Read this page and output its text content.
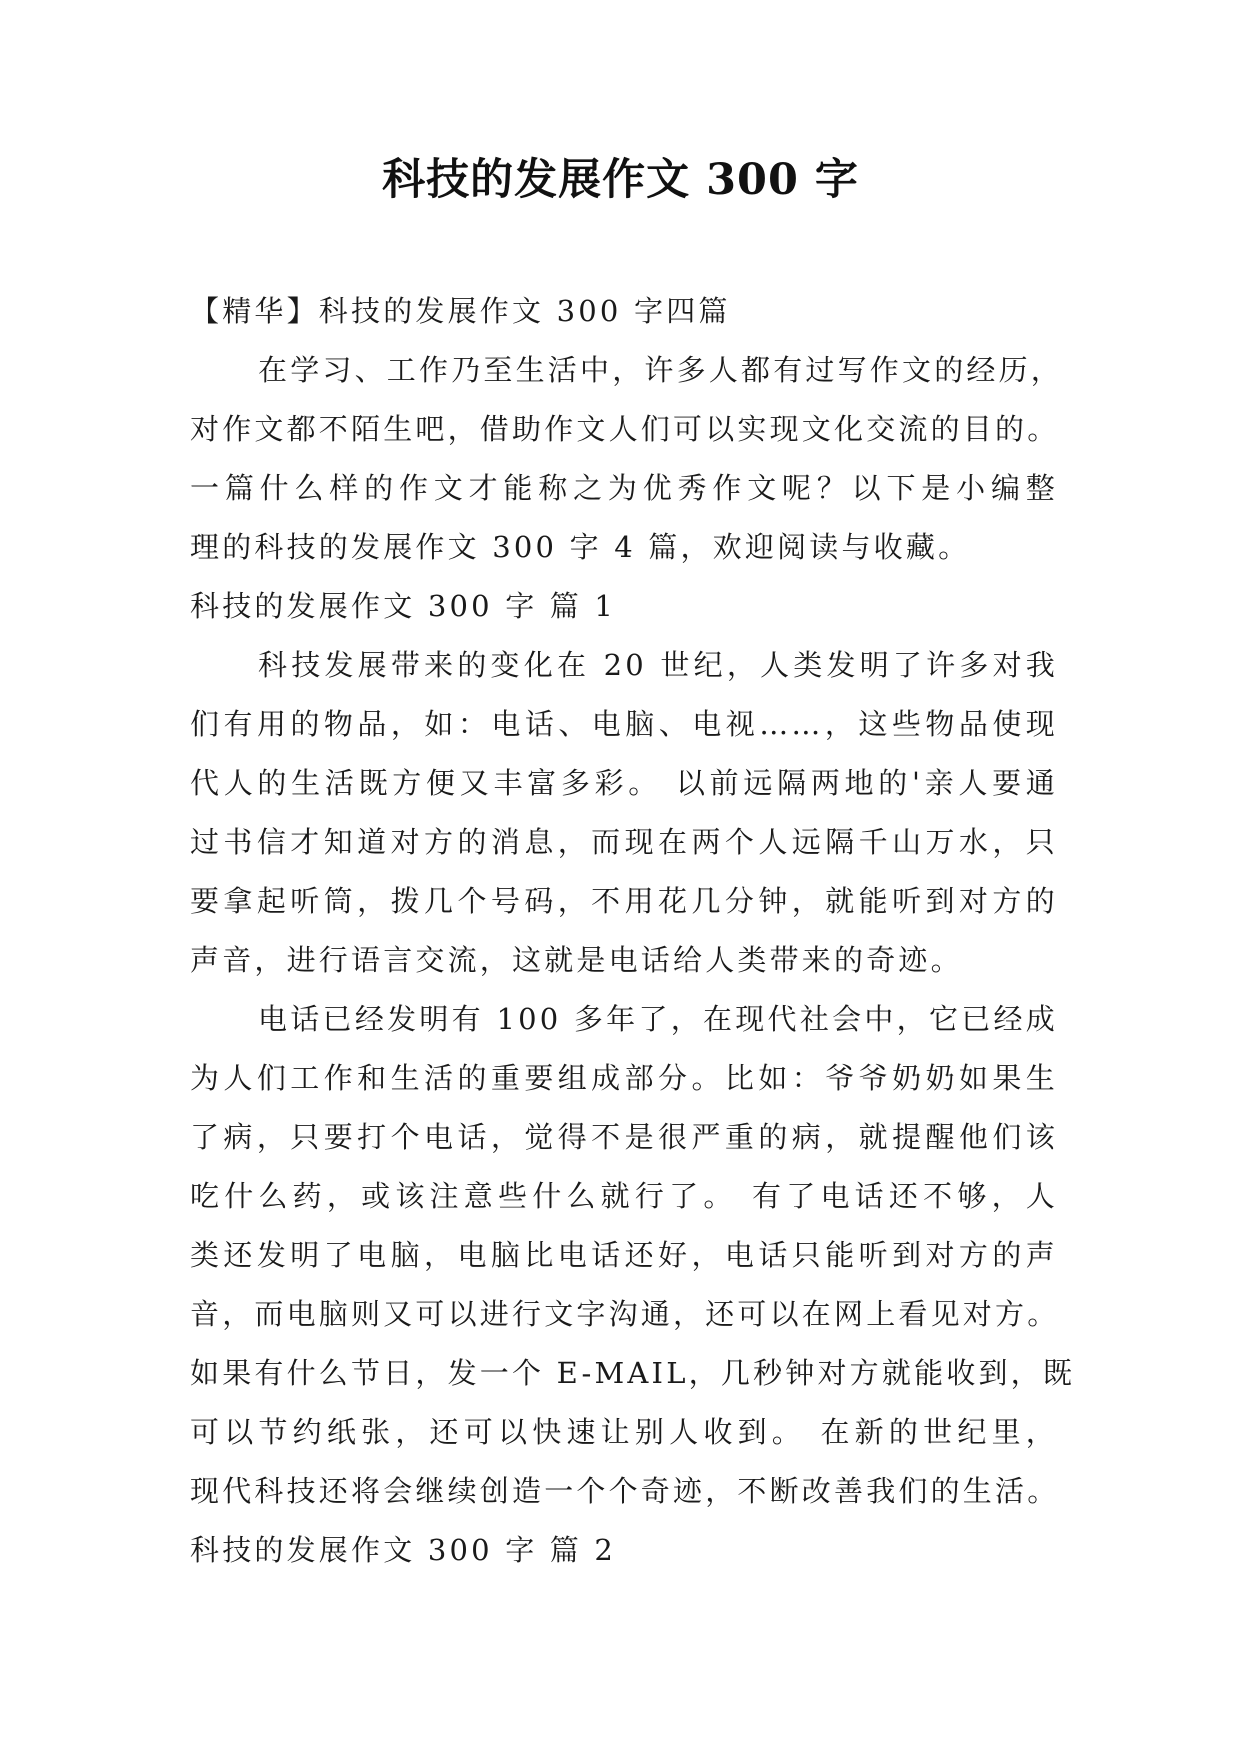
科技的发展作文 300 字
【精华】科技的发展作文 300 字四篇
在学习、工作乃至生活中，许多人都有过写作文的经历，
对作文都不陌生吧，借助作文人们可以实现文化交流的目的。
一篇什么样的作文才能称之为优秀作文呢？以下是小编整
理的科技的发展作文 300 字 4 篇，欢迎阅读与收藏。
科技的发展作文 300 字 篇 1
科技发展带来的变化在 20 世纪，人类发明了许多对我
们有用的物品，如：电话、电脑、电视……，这些物品使现
代人的生活既方便又丰富多彩。 以前远隔两地的'亲人要通
过书信才知道对方的消息，而现在两个人远隔千山万水，只
要拿起听筒，拨几个号码，不用花几分钟，就能听到对方的
声音，进行语言交流，这就是电话给人类带来的奇迹。
电话已经发明有 100 多年了，在现代社会中，它已经成
为人们工作和生活的重要组成部分。比如：爷爷奶奶如果生
了病，只要打个电话，觉得不是很严重的病，就提醒他们该
吃什么药，或该注意些什么就行了。 有了电话还不够，人
类还发明了电脑，电脑比电话还好，电话只能听到对方的声
音，而电脑则又可以进行文字沟通，还可以在网上看见对方。
如果有什么节日，发一个 E-MAIL，几秒钟对方就能收到，既
可以节约纸张，还可以快速让别人收到。 在新的世纪里，
现代科技还将会继续创造一个个奇迹，不断改善我们的生活。
科技的发展作文 300 字 篇 2
